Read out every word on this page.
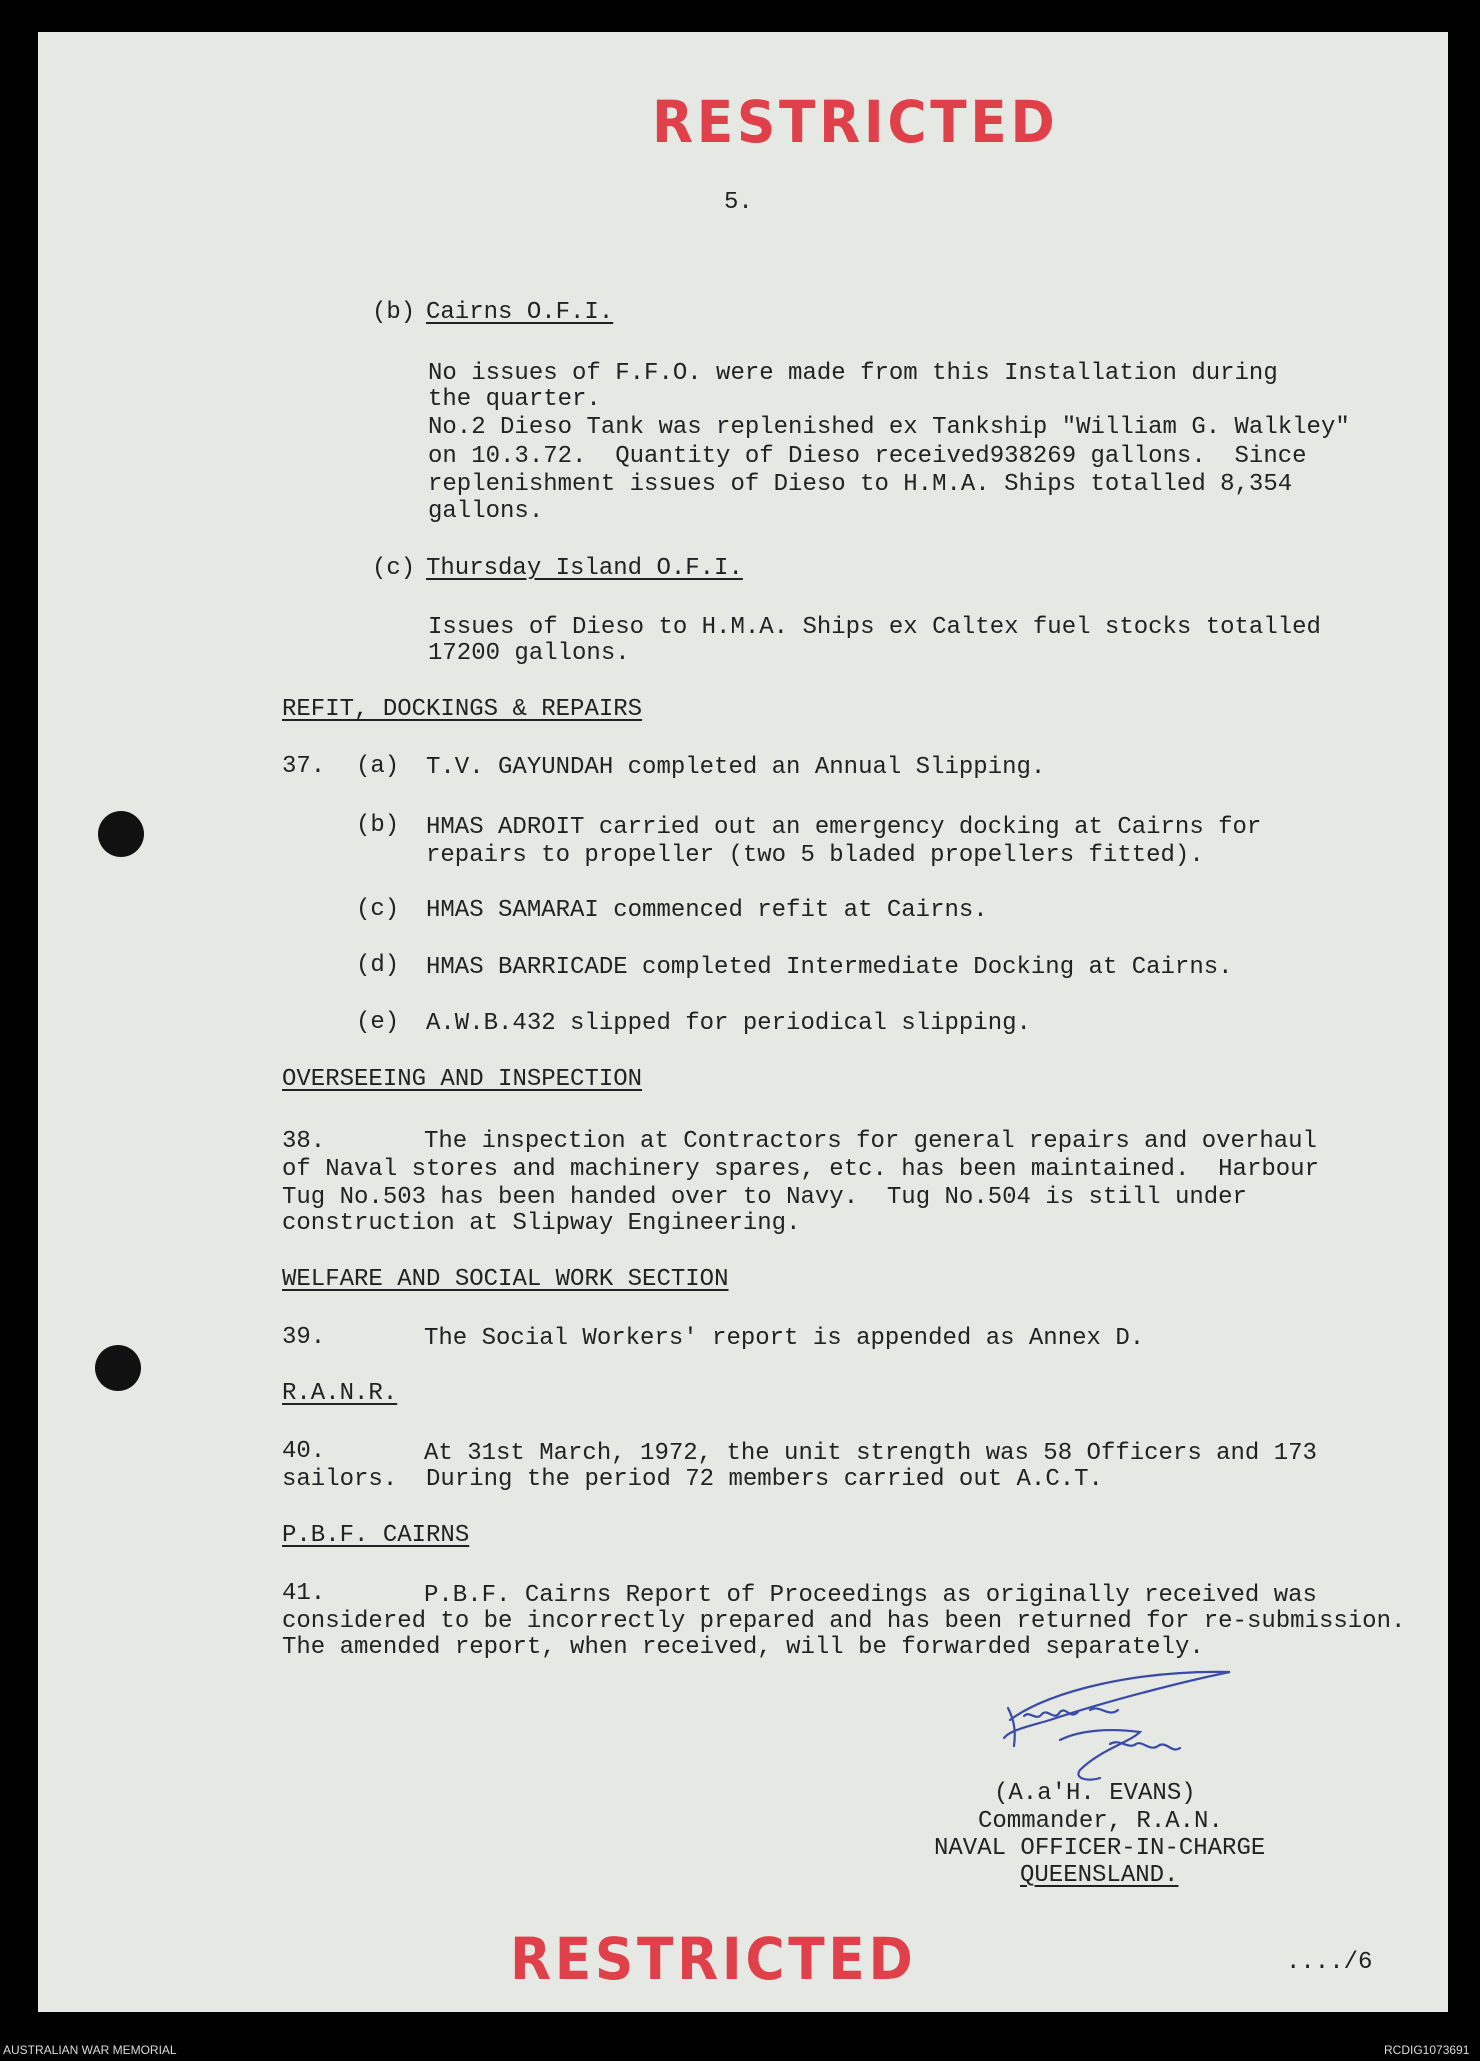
RESTRICTED
RESTRICTED
5.
(b) Cairns O.F.I.
No issues of F.F.O. were made from this Installation during
the quarter.
No.2 Dieso Tank was replenished ex Tankship "William G. Walkley"
on 10.3.72.  Quantity of Dieso received938269 gallons.  Since
replenishment issues of Dieso to H.M.A. Ships totalled 8,354
gallons.
(c) Thursday Island O.F.I.
Issues of Dieso to H.M.A. Ships ex Caltex fuel stocks totalled
17200 gallons.
REFIT, DOCKINGS & REPAIRS
37. (a) T.V. GAYUNDAH completed an Annual Slipping.
(b) HMAS ADROIT carried out an emergency docking at Cairns for
repairs to propeller (two 5 bladed propellers fitted).
(c) HMAS SAMARAI commenced refit at Cairns.
(d) HMAS BARRICADE completed Intermediate Docking at Cairns.
(e) A.W.B.432 slipped for periodical slipping.
OVERSEEING AND INSPECTION
38.	The inspection at Contractors for general repairs and overhaul
of Naval stores and machinery spares, etc. has been maintained.  Harbour
Tug No.503 has been handed over to Navy.  Tug No.504 is still under
construction at Slipway Engineering.
WELFARE AND SOCIAL WORK SECTION
39.	The Social Workers' report is appended as Annex D.
R.A.N.R.
40.	At 31st March, 1972, the unit strength was 58 Officers and 173
sailors.  During the period 72 members carried out A.C.T.
P.B.F. CAIRNS
41.	P.B.F. Cairns Report of Proceedings as originally received was
considered to be incorrectly prepared and has been returned for re-submission.
The amended report, when received, will be forwarded separately.
(A.a'H. EVANS)
Commander, R.A.N.
NAVAL OFFICER-IN-CHARGE
QUEENSLAND.
..../6
AUSTRALIAN WAR MEMORIAL	RCDIG1073691
